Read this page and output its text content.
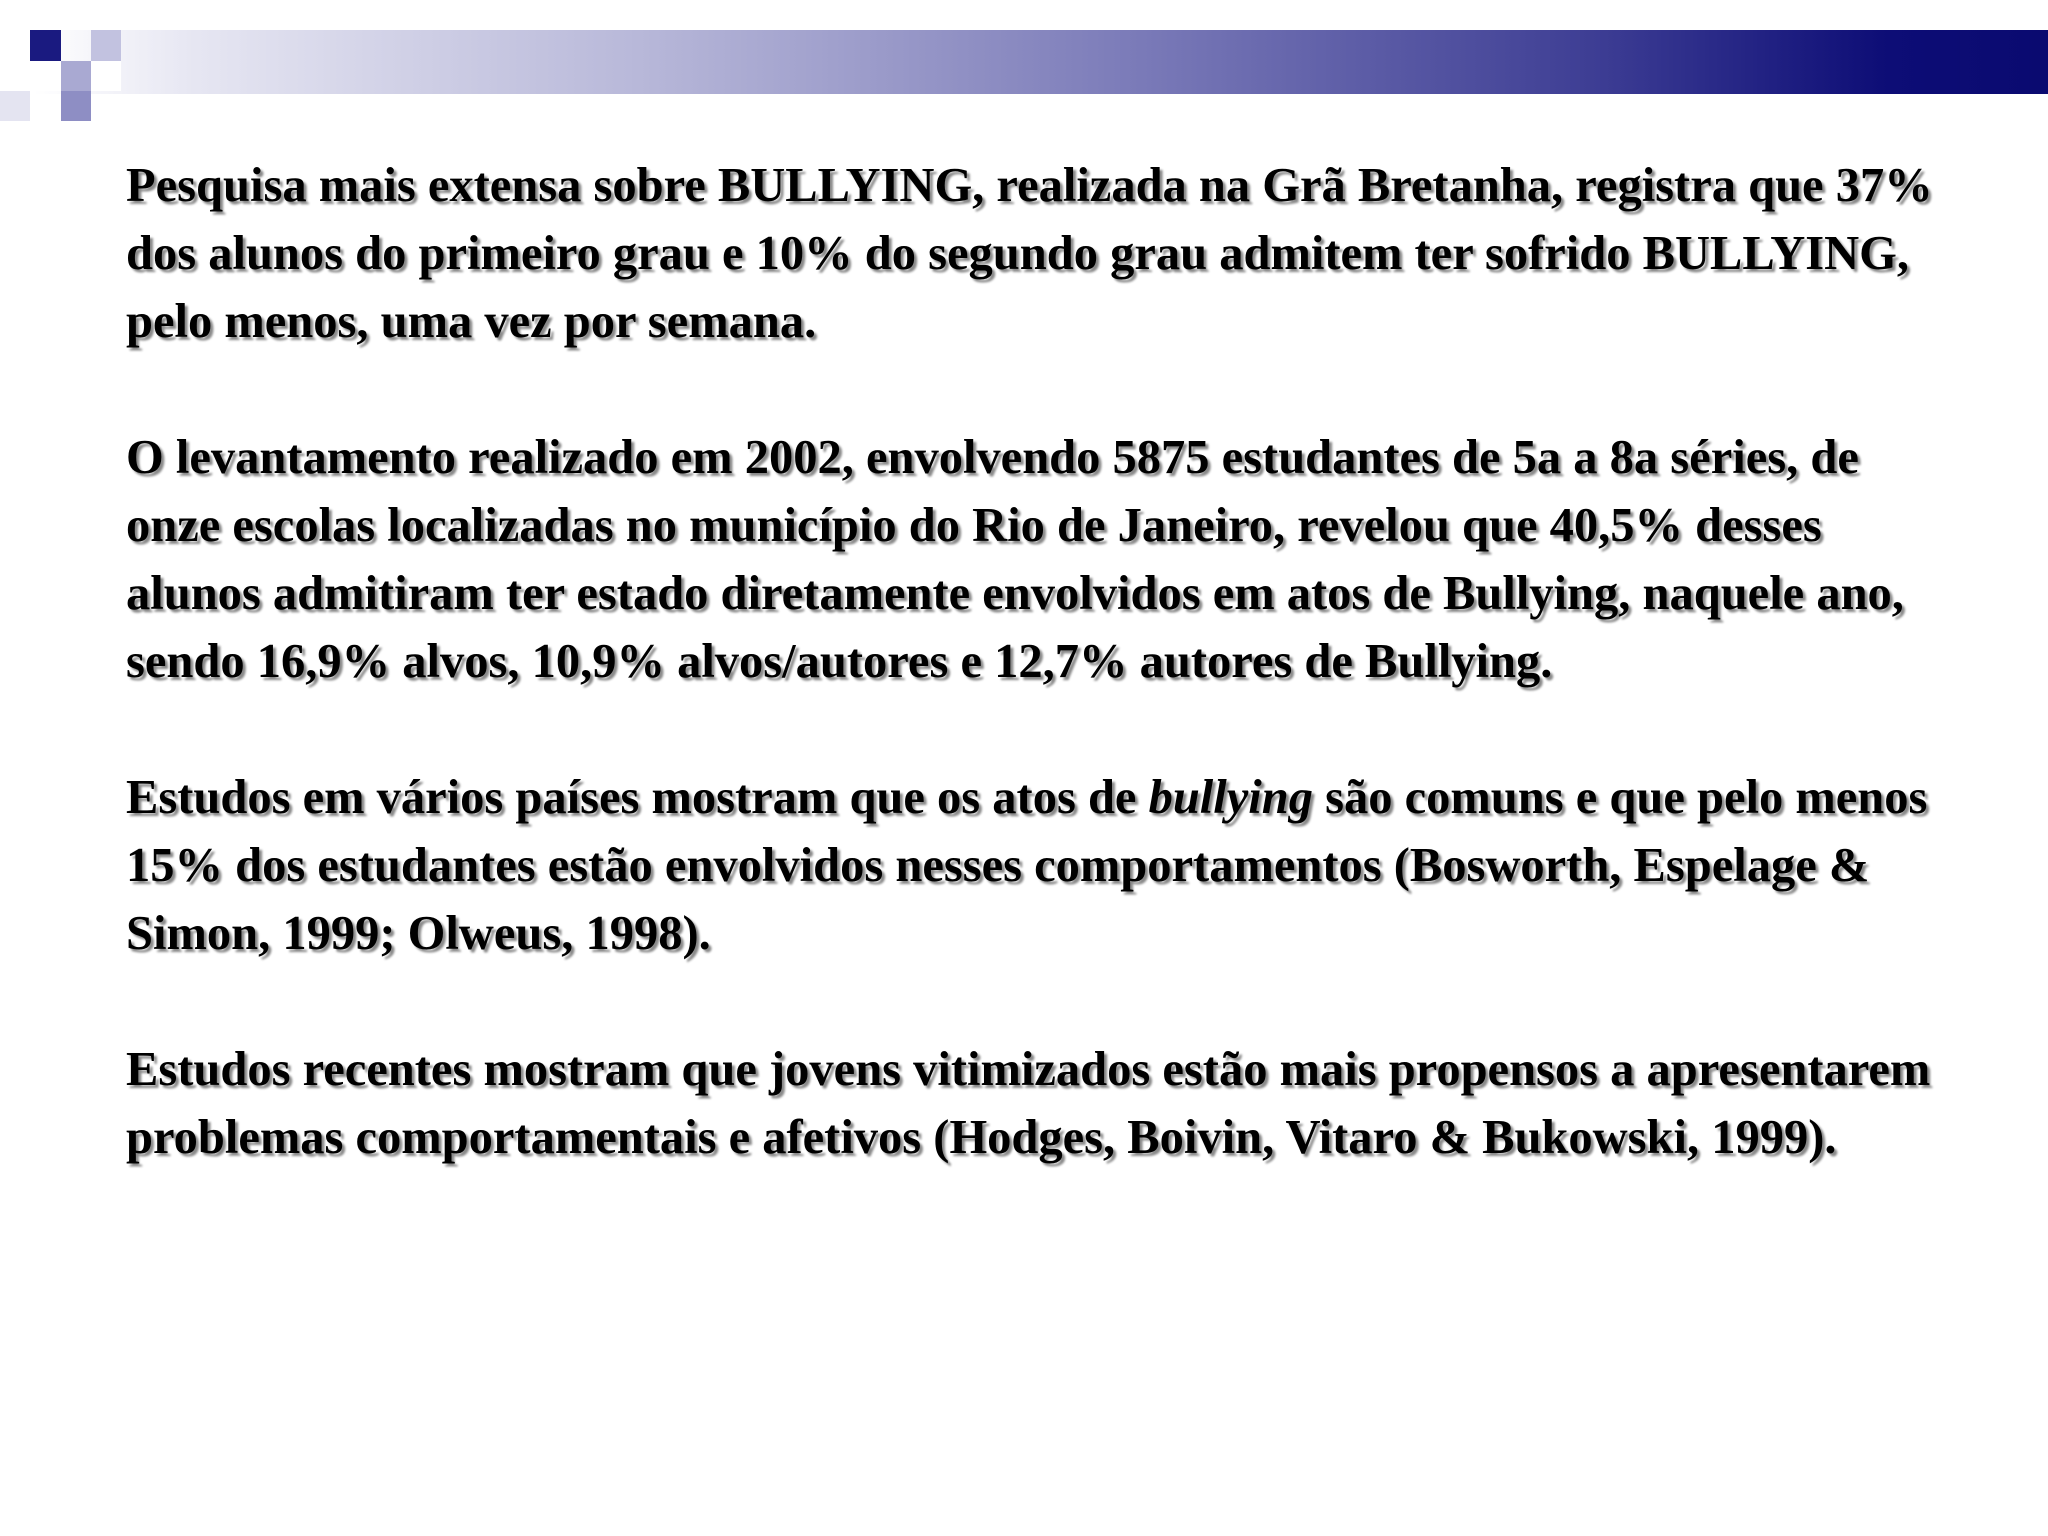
Pesquisa mais extensa sobre BULLYING, realizada na Grã Bretanha, registra que 37% dos alunos do primeiro grau e 10% do segundo grau admitem ter sofrido BULLYING, pelo menos, uma vez por semana.

O levantamento realizado em 2002, envolvendo 5875 estudantes de 5a a 8a séries, de onze escolas localizadas no município do Rio de Janeiro, revelou que 40,5% desses alunos admitiram ter estado diretamente envolvidos em atos de Bullying, naquele ano, sendo 16,9% alvos, 10,9% alvos/autores e 12,7% autores de Bullying.

Estudos em vários países mostram que os atos de bullying são comuns e que pelo menos 15% dos estudantes estão envolvidos nesses comportamentos (Bosworth, Espelage & Simon, 1999; Olweus, 1998).

Estudos recentes mostram que jovens vitimizados estão mais propensos a apresentarem problemas comportamentais e afetivos (Hodges, Boivin, Vitaro & Bukowski, 1999).
